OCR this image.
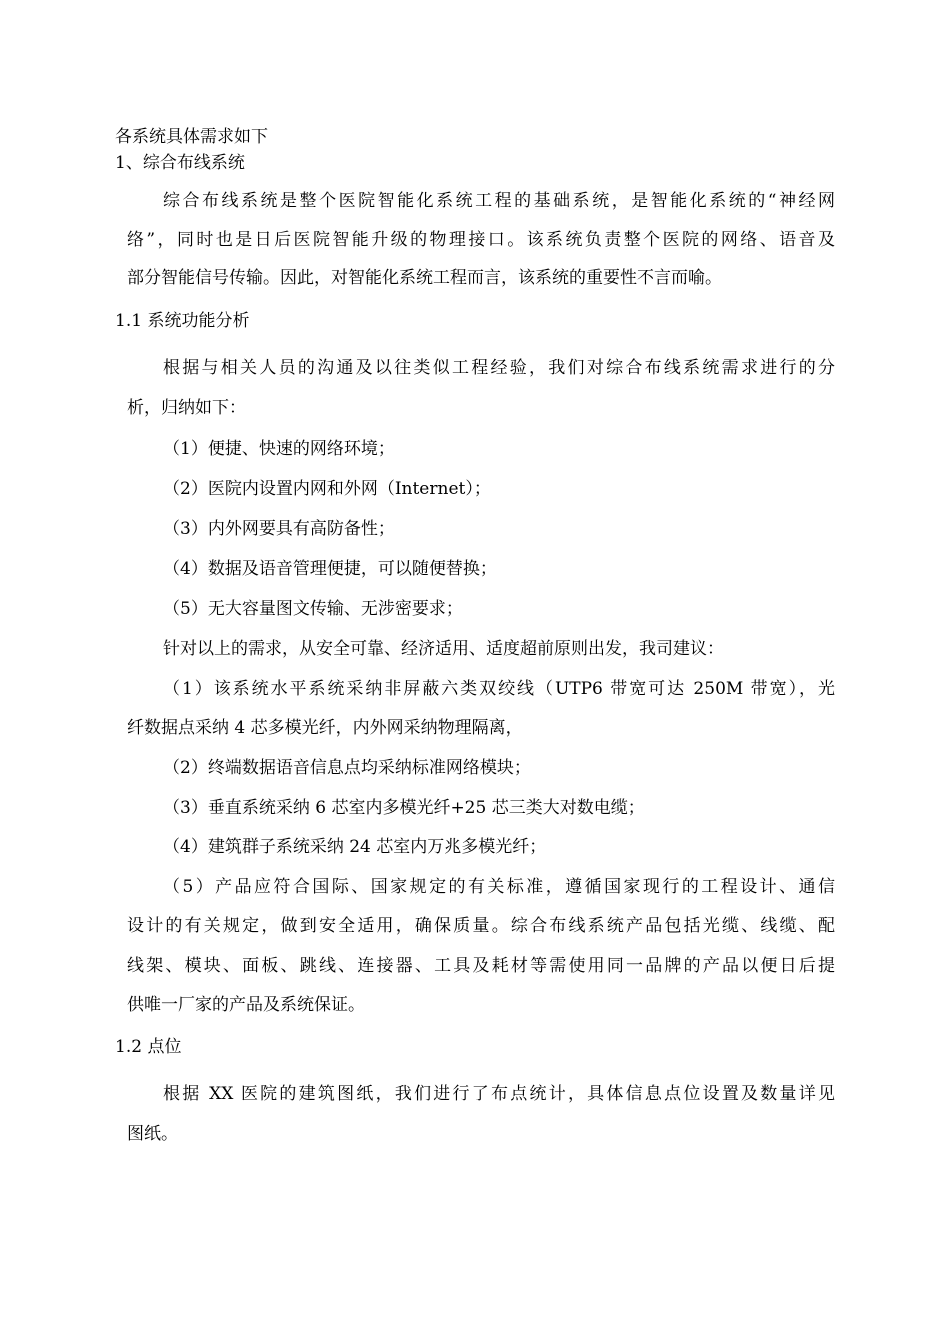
各系统具体需求如下
1、综合布线系统
综合布线系统是整个医院智能化系统工程的基础系统，是智能化系统的“神经网
络”，同时也是日后医院智能升级的物理接口。该系统负责整个医院的网络、语音及
部分智能信号传输。因此，对智能化系统工程而言，该系统的重要性不言而喻。
1.1 系统功能分析
根据与相关人员的沟通及以往类似工程经验，我们对综合布线系统需求进行的分
析，归纳如下：
（1）便捷、快速的网络环境；
（2）医院内设置内网和外网（Internet）；
（3）内外网要具有高防备性；
（4）数据及语音管理便捷，可以随便替换；
（5）无大容量图文传输、无涉密要求；
针对以上的需求，从安全可靠、经济适用、适度超前原则出发，我司建议：
（1）该系统水平系统采纳非屏蔽六类双绞线（UTP6 带宽可达 250M 带宽），光
纤数据点采纳 4 芯多模光纤，内外网采纳物理隔离，
（2）终端数据语音信息点均采纳标准网络模块；
（3）垂直系统采纳 6 芯室内多模光纤+25 芯三类大对数电缆；
（4）建筑群子系统采纳 24 芯室内万兆多模光纤；
（5）产品应符合国际、国家规定的有关标准，遵循国家现行的工程设计、通信
设计的有关规定，做到安全适用，确保质量。综合布线系统产品包括光缆、线缆、配
线架、模块、面板、跳线、连接器、工具及耗材等需使用同一品牌的产品以便日后提
供唯一厂家的产品及系统保证。
1.2 点位
根据 XX 医院的建筑图纸，我们进行了布点统计，具体信息点位设置及数量详见
图纸。
